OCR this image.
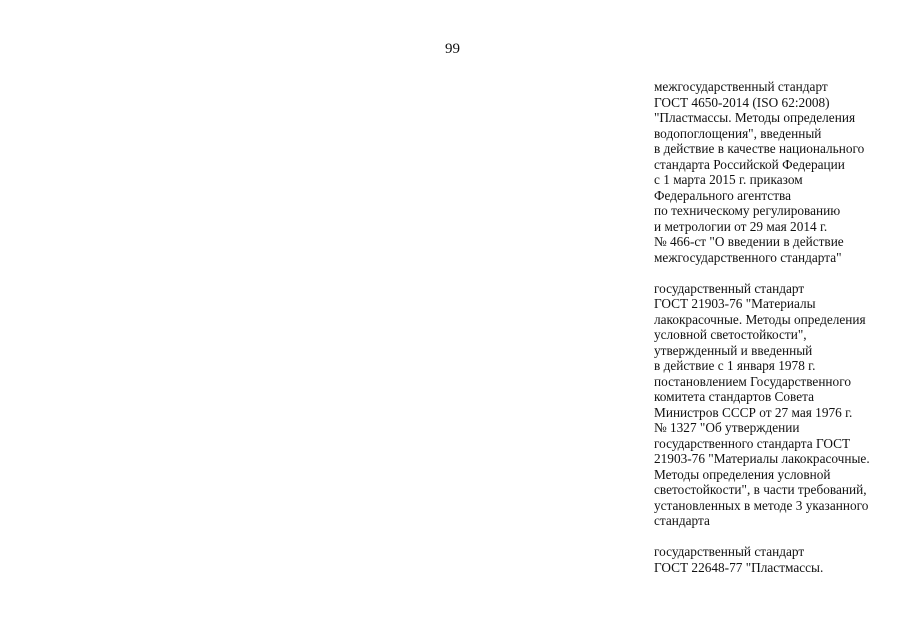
99
межгосударственный стандарт
ГОСТ 4650-2014 (ISO 62:2008)
"Пластмассы. Методы определения
водопоглощения", введенный
в действие в качестве национального
стандарта Российской Федерации
с 1 марта 2015 г. приказом
Федерального агентства
по техническому регулированию
и метрологии от 29 мая 2014 г.
№ 466-ст "О введении в действие
межгосударственного стандарта"
государственный стандарт
ГОСТ 21903-76 "Материалы
лакокрасочные. Методы определения
условной светостойкости",
утвержденный и введенный
в действие с 1 января 1978 г.
постановлением Государственного
комитета стандартов Совета
Министров СССР от 27 мая 1976 г.
№ 1327 "Об утверждении
государственного стандарта ГОСТ
21903-76 "Материалы лакокрасочные.
Методы определения условной
светостойкости", в части требований,
установленных в методе 3 указанного
стандарта
государственный стандарт
ГОСТ 22648-77 "Пластмассы.
